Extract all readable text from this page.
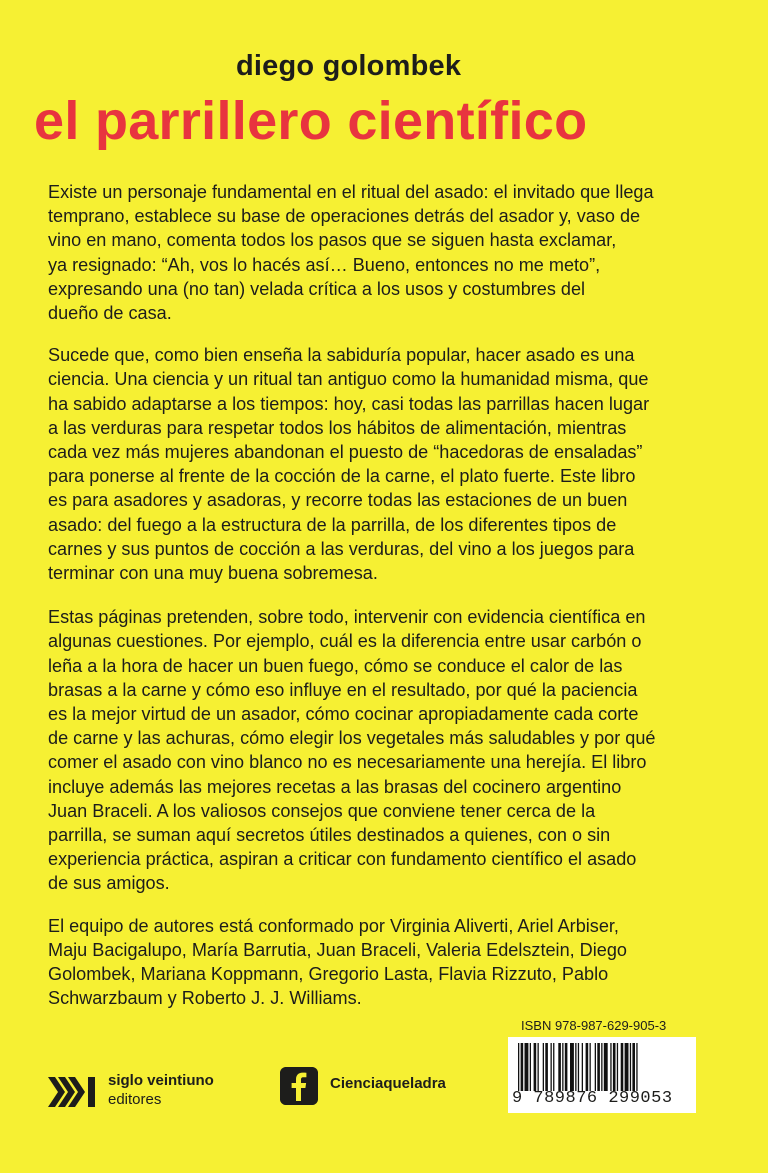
diego golombek
el parrillero científico

Existe un personaje fundamental en el ritual del asado: el invitado que llega
temprano, establece su base de operaciones detrás del asador y, vaso de
vino en mano, comenta todos los pasos que se siguen hasta exclamar,
ya resignado: “Ah, vos lo hacés así… Bueno, entonces no me meto”,
expresando una (no tan) velada crítica a los usos y costumbres del
dueño de casa.

Sucede que, como bien enseña la sabiduría popular, hacer asado es una
ciencia. Una ciencia y un ritual tan antiguo como la humanidad misma, que
ha sabido adaptarse a los tiempos: hoy, casi todas las parrillas hacen lugar
a las verduras para respetar todos los hábitos de alimentación, mientras
cada vez más mujeres abandonan el puesto de “hacedoras de ensaladas”
para ponerse al frente de la cocción de la carne, el plato fuerte. Este libro
es para asadores y asadoras, y recorre todas las estaciones de un buen
asado: del fuego a la estructura de la parrilla, de los diferentes tipos de
carnes y sus puntos de cocción a las verduras, del vino a los juegos para
terminar con una muy buena sobremesa.

Estas páginas pretenden, sobre todo, intervenir con evidencia científica en
algunas cuestiones. Por ejemplo, cuál es la diferencia entre usar carbón o
leña a la hora de hacer un buen fuego, cómo se conduce el calor de las
brasas a la carne y cómo eso influye en el resultado, por qué la paciencia
es la mejor virtud de un asador, cómo cocinar apropiadamente cada corte
de carne y las achuras, cómo elegir los vegetales más saludables y por qué
comer el asado con vino blanco no es necesariamente una herejía. El libro
incluye además las mejores recetas a las brasas del cocinero argentino
Juan Braceli. A los valiosos consejos que conviene tener cerca de la
parrilla, se suman aquí secretos útiles destinados a quienes, con o sin
experiencia práctica, aspiran a criticar con fundamento científico el asado
de sus amigos.

El equipo de autores está conformado por Virginia Aliverti, Ariel Arbiser,
Maju Bacigalupo, María Barrutia, Juan Braceli, Valeria Edelsztein, Diego
Golombek, Mariana Koppmann, Gregorio Lasta, Flavia Rizzuto, Pablo
Schwarzbaum y Roberto J. J. Williams.

ISBN 978-987-629-905-3
9 789876 299053
siglo veintiuno
editores
Cienciaqueladra
